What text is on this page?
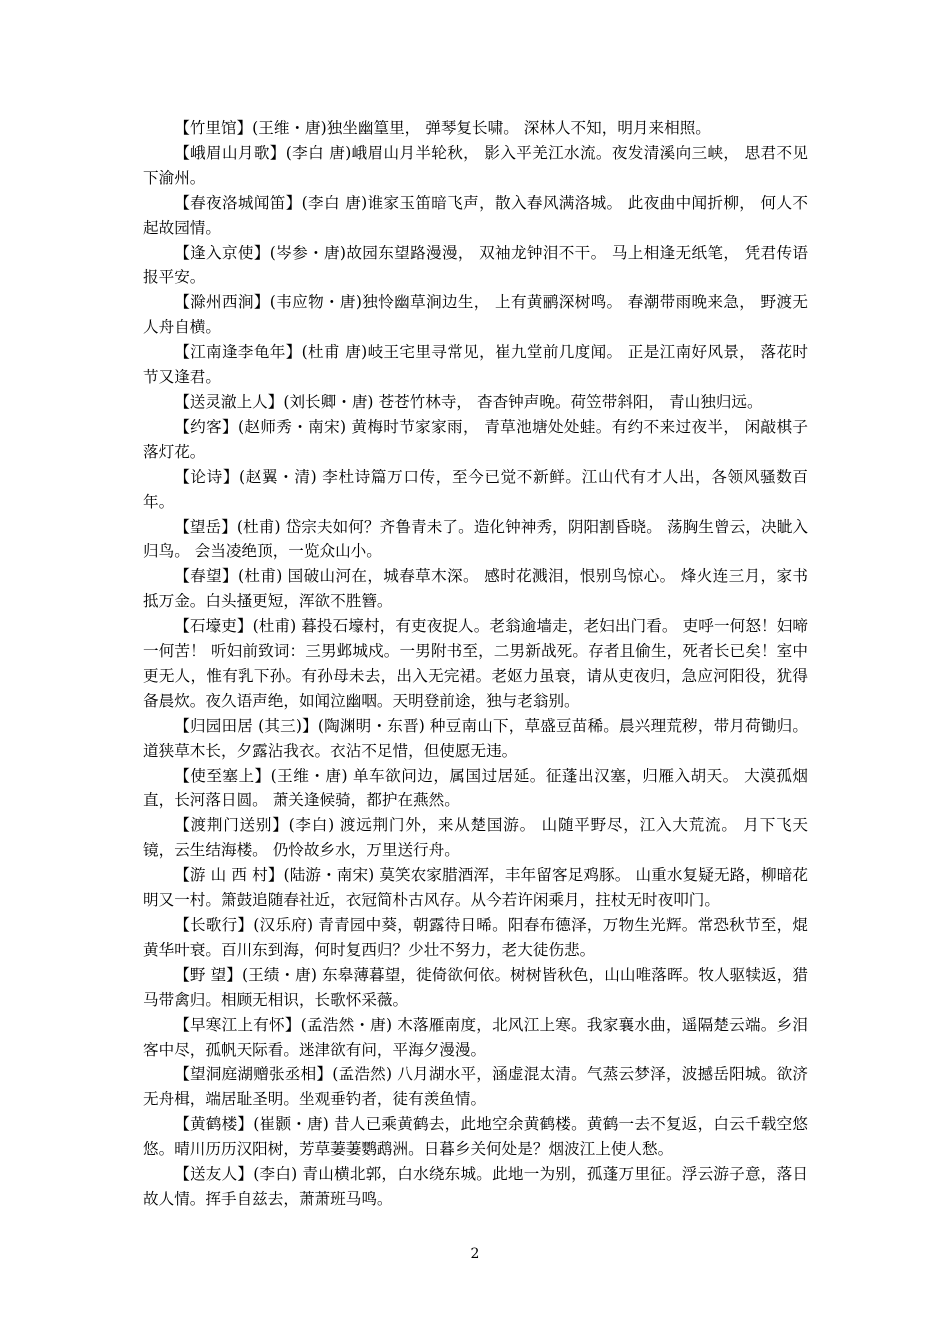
【竹里馆】(王维・唐)独坐幽篁里， 弹琴复长啸。 深林人不知，明月来相照。

【峨眉山月歌】(李白 唐)峨眉山月半轮秋， 影入平羌江水流。夜发清溪向三峡， 思君不见下渝州。

【春夜洛城闻笛】(李白 唐)谁家玉笛暗飞声，散入春风满洛城。 此夜曲中闻折柳， 何人不起故园情。

【逢入京使】(岑参・唐)故园东望路漫漫， 双袖龙钟泪不干。 马上相逢无纸笔， 凭君传语报平安。

【滁州西涧】(韦应物・唐)独怜幽草涧边生， 上有黄鹂深树鸣。 春潮带雨晚来急， 野渡无人舟自横。

【江南逢李龟年】(杜甫 唐)岐王宅里寻常见，崔九堂前几度闻。 正是江南好风景， 落花时节又逢君。

【送灵澈上人】(刘长卿・唐) 苍苍竹林寺， 杳杳钟声晚。荷笠带斜阳， 青山独归远。

【约客】(赵师秀・南宋) 黄梅时节家家雨， 青草池塘处处蛙。有约不来过夜半， 闲敲棋子落灯花。

【论诗】(赵翼・清) 李杜诗篇万口传，至今已觉不新鲜。江山代有才人出，各领风骚数百年。

【望岳】(杜甫) 岱宗夫如何？齐鲁青未了。造化钟神秀，阴阳割昏晓。 荡胸生曾云，决眦入归鸟。 会当凌绝顶，一览众山小。

【春望】(杜甫) 国破山河在，城春草木深。 感时花溅泪，恨别鸟惊心。 烽火连三月，家书抵万金。白头搔更短，浑欲不胜簪。

【石壕吏】(杜甫) 暮投石壕村，有吏夜捉人。老翁逾墙走，老妇出门看。 吏呼一何怒！妇啼一何苦！ 听妇前致词：三男邺城戍。一男附书至，二男新战死。存者且偷生，死者长已矣！室中更无人，惟有乳下孙。有孙母未去，出入无完裙。老妪力虽衰，请从吏夜归，急应河阳役，犹得备晨炊。夜久语声绝，如闻泣幽咽。天明登前途，独与老翁别。

【归园田居 (其三)】(陶渊明・东晋) 种豆南山下，草盛豆苗稀。晨兴理荒秽，带月荷锄归。道狭草木长，夕露沾我衣。衣沾不足惜，但使愿无违。

【使至塞上】(王维・唐) 单车欲问边，属国过居延。征蓬出汉塞，归雁入胡天。 大漠孤烟直，长河落日圆。 萧关逢候骑，都护在燕然。

【渡荆门送别】(李白) 渡远荆门外，来从楚国游。 山随平野尽，江入大荒流。 月下飞天镜，云生结海楼。 仍怜故乡水，万里送行舟。

【游 山 西 村】(陆游・南宋) 莫笑农家腊酒浑，丰年留客足鸡豚。 山重水复疑无路，柳暗花明又一村。箫鼓追随春社近，衣冠简朴古风存。从今若许闲乘月，拄杖无时夜叩门。

【长歌行】(汉乐府) 青青园中葵，朝露待日晞。阳春布德泽，万物生光辉。常恐秋节至，焜黄华叶衰。百川东到海，何时复西归？少壮不努力，老大徒伤悲。

【野 望】(王绩・唐) 东皋薄暮望，徙倚欲何依。树树皆秋色，山山唯落晖。牧人驱犊返，猎马带禽归。相顾无相识，长歌怀采薇。

【早寒江上有怀】(孟浩然・唐) 木落雁南度，北风江上寒。我家襄水曲，遥隔楚云端。乡泪客中尽，孤帆天际看。迷津欲有问，平海夕漫漫。

【望洞庭湖赠张丞相】(孟浩然) 八月湖水平，涵虚混太清。气蒸云梦泽，波撼岳阳城。欲济无舟楫，端居耻圣明。坐观垂钓者，徒有羡鱼情。

【黄鹤楼】(崔颢・唐) 昔人已乘黄鹤去，此地空余黄鹤楼。黄鹤一去不复返，白云千载空悠悠。晴川历历汉阳树，芳草萋萋鹦鹉洲。日暮乡关何处是？烟波江上使人愁。

【送友人】(李白) 青山横北郭，白水绕东城。此地一为别，孤蓬万里征。浮云游子意，落日故人情。挥手自兹去，萧萧班马鸣。

2
